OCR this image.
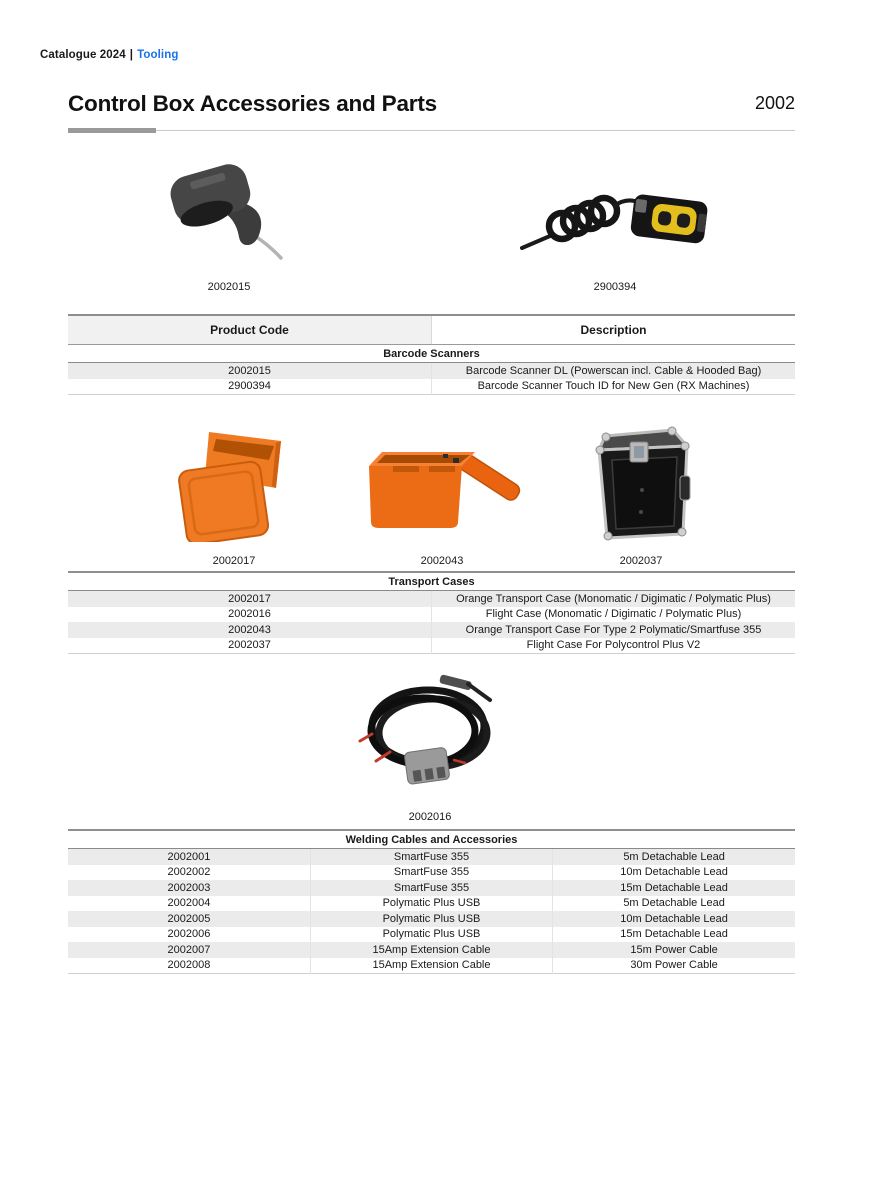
Catalogue 2024 | Tooling
Control Box Accessories and Parts	2002
2002015	2900394
Product Code	Description
Barcode Scanners	
2002015	Barcode Scanner DL (Powerscan incl. Cable & Hooded Bag)
2900394	Barcode Scanner Touch ID for New Gen (RX Machines)
2002017	2002043	2002037
Transport Cases	
2002017	Orange Transport Case (Monomatic / Digimatic / Polymatic Plus)
2002016	Flight Case (Monomatic / Digimatic / Polymatic Plus)
2002043	Orange Transport Case For Type 2 Polymatic/Smartfuse 355
2002037	Flight Case For Polycontrol Plus V2
2002016
Welding Cables and Accessories		
2002001	SmartFuse 355	5m Detachable Lead
2002002	SmartFuse 355	10m Detachable Lead
2002003	SmartFuse 355	15m Detachable Lead
2002004	Polymatic Plus USB	5m Detachable Lead
2002005	Polymatic Plus USB	10m Detachable Lead
2002006	Polymatic Plus USB	15m Detachable Lead
2002007	15Amp Extension Cable	15m Power Cable
2002008	15Amp Extension Cable	30m Power Cable
